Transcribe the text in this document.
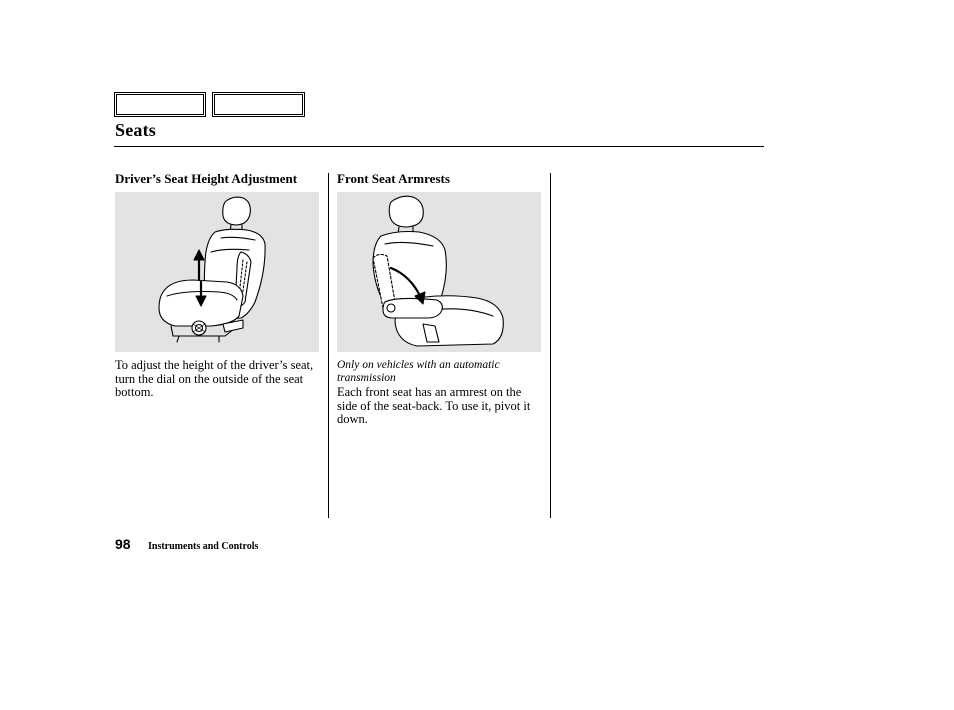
Seats
Driver’s Seat Height Adjustment	Front Seat Armrests
To adjust the height of the driver’s seat, turn the dial on the outside of the seat bottom.
Only on vehicles with an automatic transmission
Each front seat has an armrest on the side of the seat-back. To use it, pivot it down.
98 Instruments and Controls
